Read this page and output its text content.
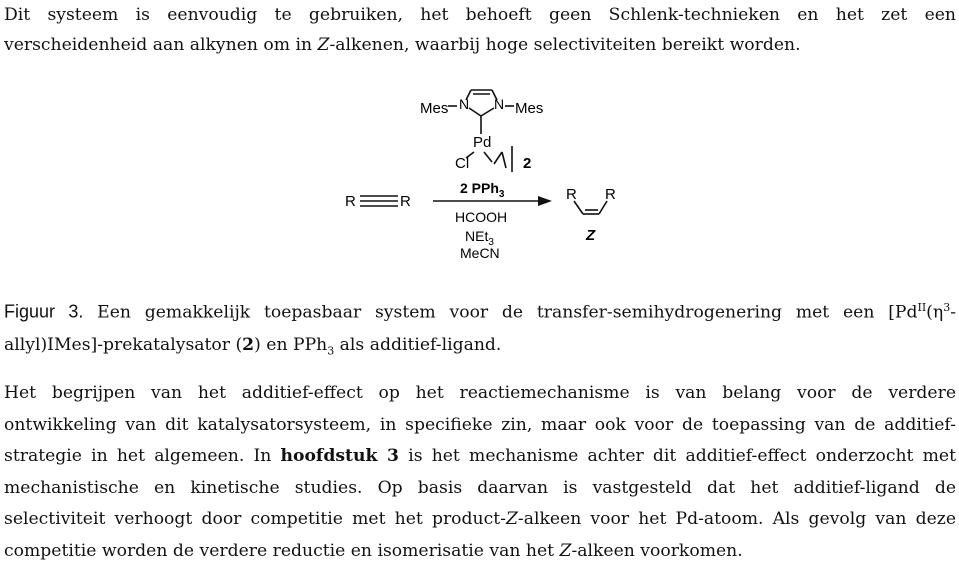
Dit systeem is eenvoudig te gebruiken, het behoeft geen Schlenk-technieken en het zet een
verscheidenheid aan alkynen om in Z-alkenen, waarbij hoge selectiviteiten bereikt worden.
Mes N N Mes
Pd
Cl	2
R	R
2 PPh$_3$
HCOOH
NEt$_3$
MeCN
R R
Z
Figuur 3. Een gemakkelijk toepasbaar system voor de transfer-semihydrogenering met een [$Pd^{II}(\eta^3-$
allyl)IMes]-prekatalysator (2) en PPh$_3$ als additief-ligand.
Het begrijpen van het additief-effect op het reactiemechanisme is van belang voor de verdere
ontwikkeling van dit katalysatorsysteem, in specifieke zin, maar ook voor de toepassing van de additief-
strategie in het algemeen. In hoofdstuk 3 is het mechanisme achter dit additief-effect onderzocht met
mechanistische en kinetische studies. Op basis daarvan is vastgesteld dat het additief-ligand de
selectiviteit verhoogt door competitie met het product-Z-alkeen voor het Pd-atoom. Als gevolg van deze
competitie worden de verdere reductie en isomerisatie van het Z-alkeen voorkomen.
